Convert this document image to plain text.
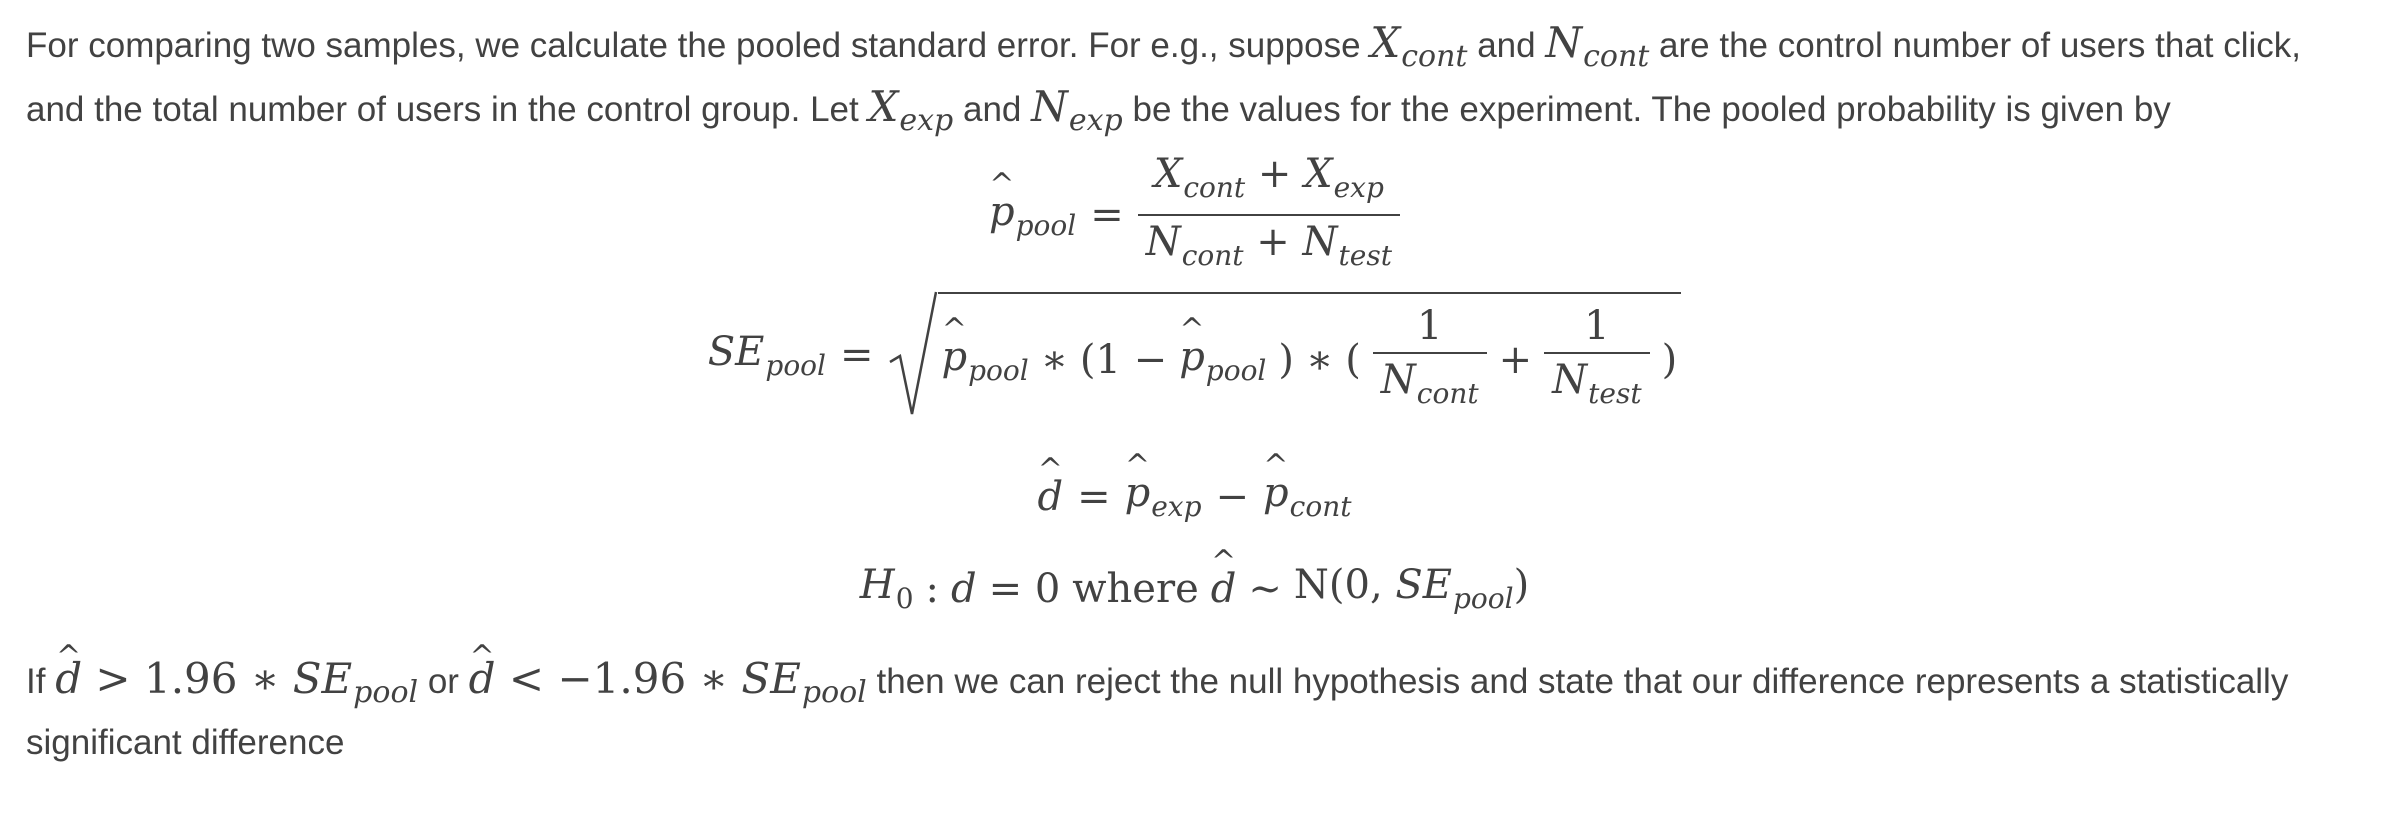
For comparing two samples, we calculate the pooled standard error. For e.g., suppose $X_{cont}$ and $N_{cont}$ are the control number of users that click, and the total number of users in the control group. Let $X_{exp}$ and $N_{exp}$ be the values for the experiment. The pooled probability is given by
^ $p_{pool} = \frac{X_{cont} + X_{exp}}{N_{cont} + N_{test}}$
$SE_{pool}$ = ^ $p_{pool}$ ∗ (1 − ^ $p_{pool}$ ) ∗ ( $\frac{1}{N_{cont}} + \frac{1}{N_{test}}$ )
^ d = ^ $p_{exp}$ − ^ $p_{cont}$
$H_0$ : d = 0 where ^ d ∼ N(0, $SE_{pool}$)
If ^ d > 1.96 ∗ $SE_{pool}$ or ^ d < −1.96 ∗ $SE_{pool}$ then we can reject the null hypothesis and state that our difference represents a statistically significant difference
